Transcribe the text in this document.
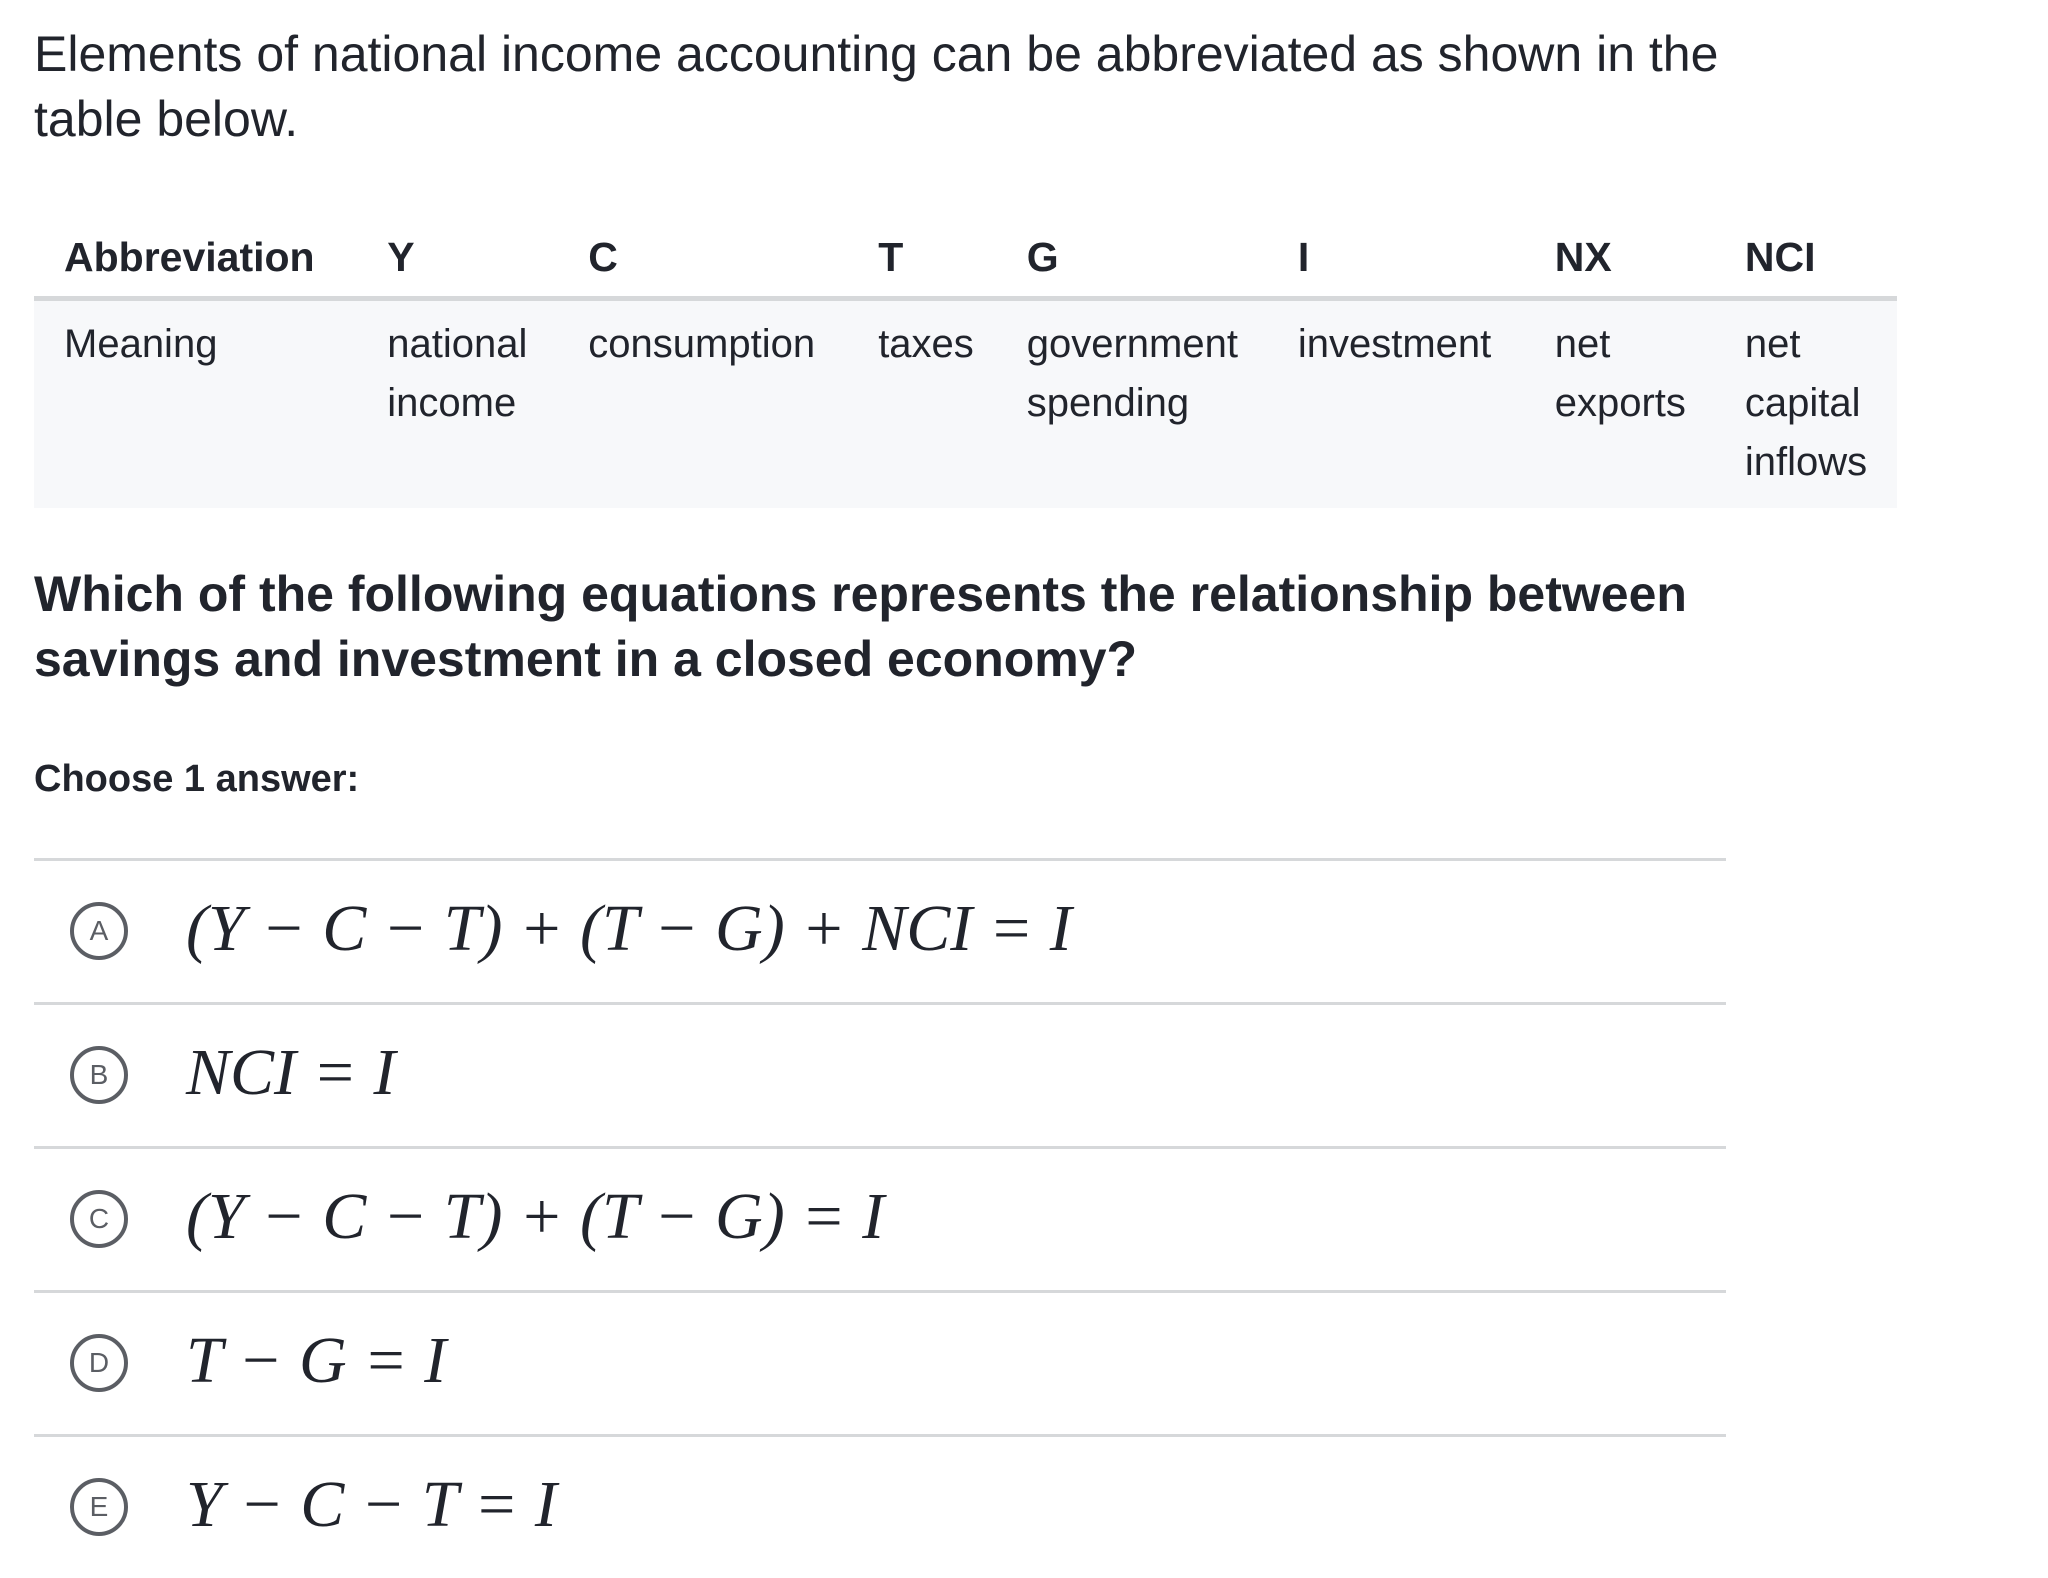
Elements of national income accounting can be abbreviated as shown in the table below.

Abbreviation	Y	C	T	G	I	NX	NCI
Meaning	national income	consumption	taxes	government spending	investment	net exports	net capital inflows

Which of the following equations represents the relationship between savings and investment in a closed economy?

Choose 1 answer:
A (Y − C − T) + (T − G) + NCI = I
B NCI = I
C (Y − C − T) + (T − G) = I
D T − G = I
E Y − C − T = I
